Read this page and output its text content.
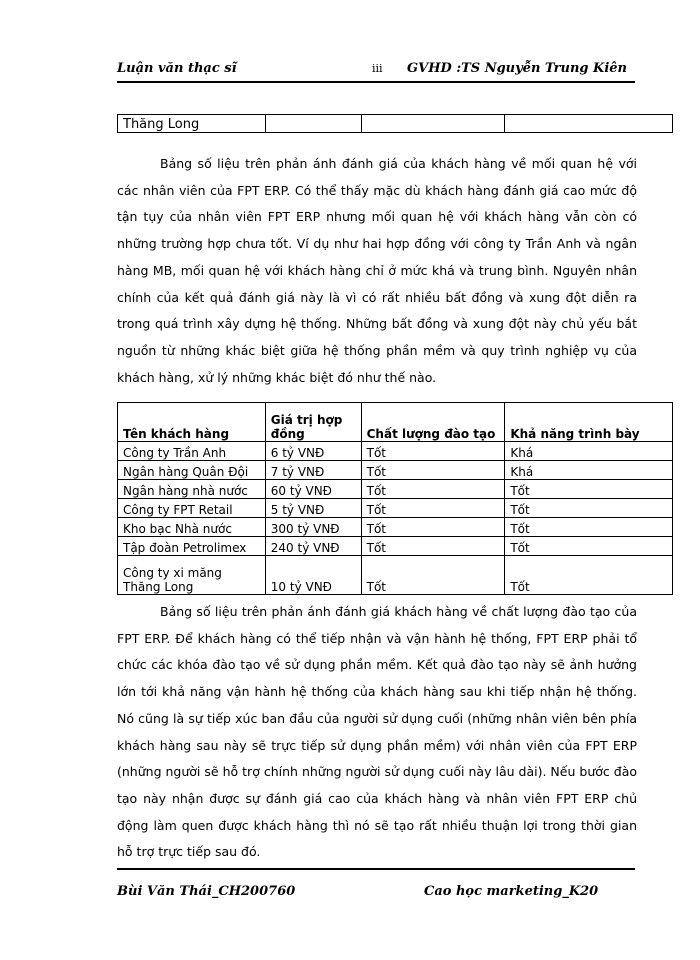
Luận văn thạc sĩ	iii GVHD :TS Nguyễn Trung Kiên
Thăng Long			

Bảng số liệu trên phản ánh đánh giá của khách hàng về mối quan hệ với các nhân viên của FPT ERP. Có thể thấy mặc dù khách hàng đánh giá cao mức độ tận tụy của nhân viên FPT ERP nhưng mối quan hệ với khách hàng vẫn còn có những trường hợp chưa tốt. Ví dụ như hai hợp đồng với công ty Trần Anh và ngân hàng MB, mối quan hệ với khách hàng chỉ ở mức khá và trung bình. Nguyên nhân chính của kết quả đánh giá này là vì có rất nhiều bất đồng và xung đột diễn ra trong quá trình xây dựng hệ thống. Những bất đồng và xung đột này chủ yếu bắt nguồn từ những khác biệt giữa hệ thống phần mềm và quy trình nghiệp vụ của khách hàng, xử lý những khác biệt đó như thế nào.

Tên khách hàng	Giá trị hợp đồng	Chất lượng đào tạo	Khả năng trình bày
Công ty Trần Anh	6 tỷ VNĐ	Tốt	Khá
Ngân hàng Quân Đội	7 tỷ VNĐ	Tốt	Khá
Ngân hàng nhà nước	60 tỷ VNĐ	Tốt	Tốt
Công ty FPT Retail	5 tỷ VNĐ	Tốt	Tốt
Kho bạc Nhà nước	300 tỷ VNĐ	Tốt	Tốt
Tập đoàn Petrolimex	240 tỷ VNĐ	Tốt	Tốt
Công ty xi măng Thăng Long	10 tỷ VNĐ	Tốt	Tốt

Bảng số liệu trên phản ánh đánh giá khách hàng về chất lượng đào tạo của FPT ERP. Để khách hàng có thể tiếp nhận và vận hành hệ thống, FPT ERP phải tổ chức các khóa đào tạo về sử dụng phần mềm. Kết quả đào tạo này sẽ ảnh hưởng lớn tới khả năng vận hành hệ thống của khách hàng sau khi tiếp nhận hệ thống. Nó cũng là sự tiếp xúc ban đầu của người sử dụng cuối (những nhân viên bên phía khách hàng sau này sẽ trực tiếp sử dụng phần mềm) với nhân viên của FPT ERP (những người sẽ hỗ trợ chính những người sử dụng cuối này lâu dài). Nếu bước đào tạo này nhận được sự đánh giá cao của khách hàng và nhân viên FPT ERP chủ động làm quen được khách hàng thì nó sẽ tạo rất nhiều thuận lợi trong thời gian hỗ trợ trực tiếp sau đó.

Bùi Văn Thái_CH200760	Cao học marketing_K20
